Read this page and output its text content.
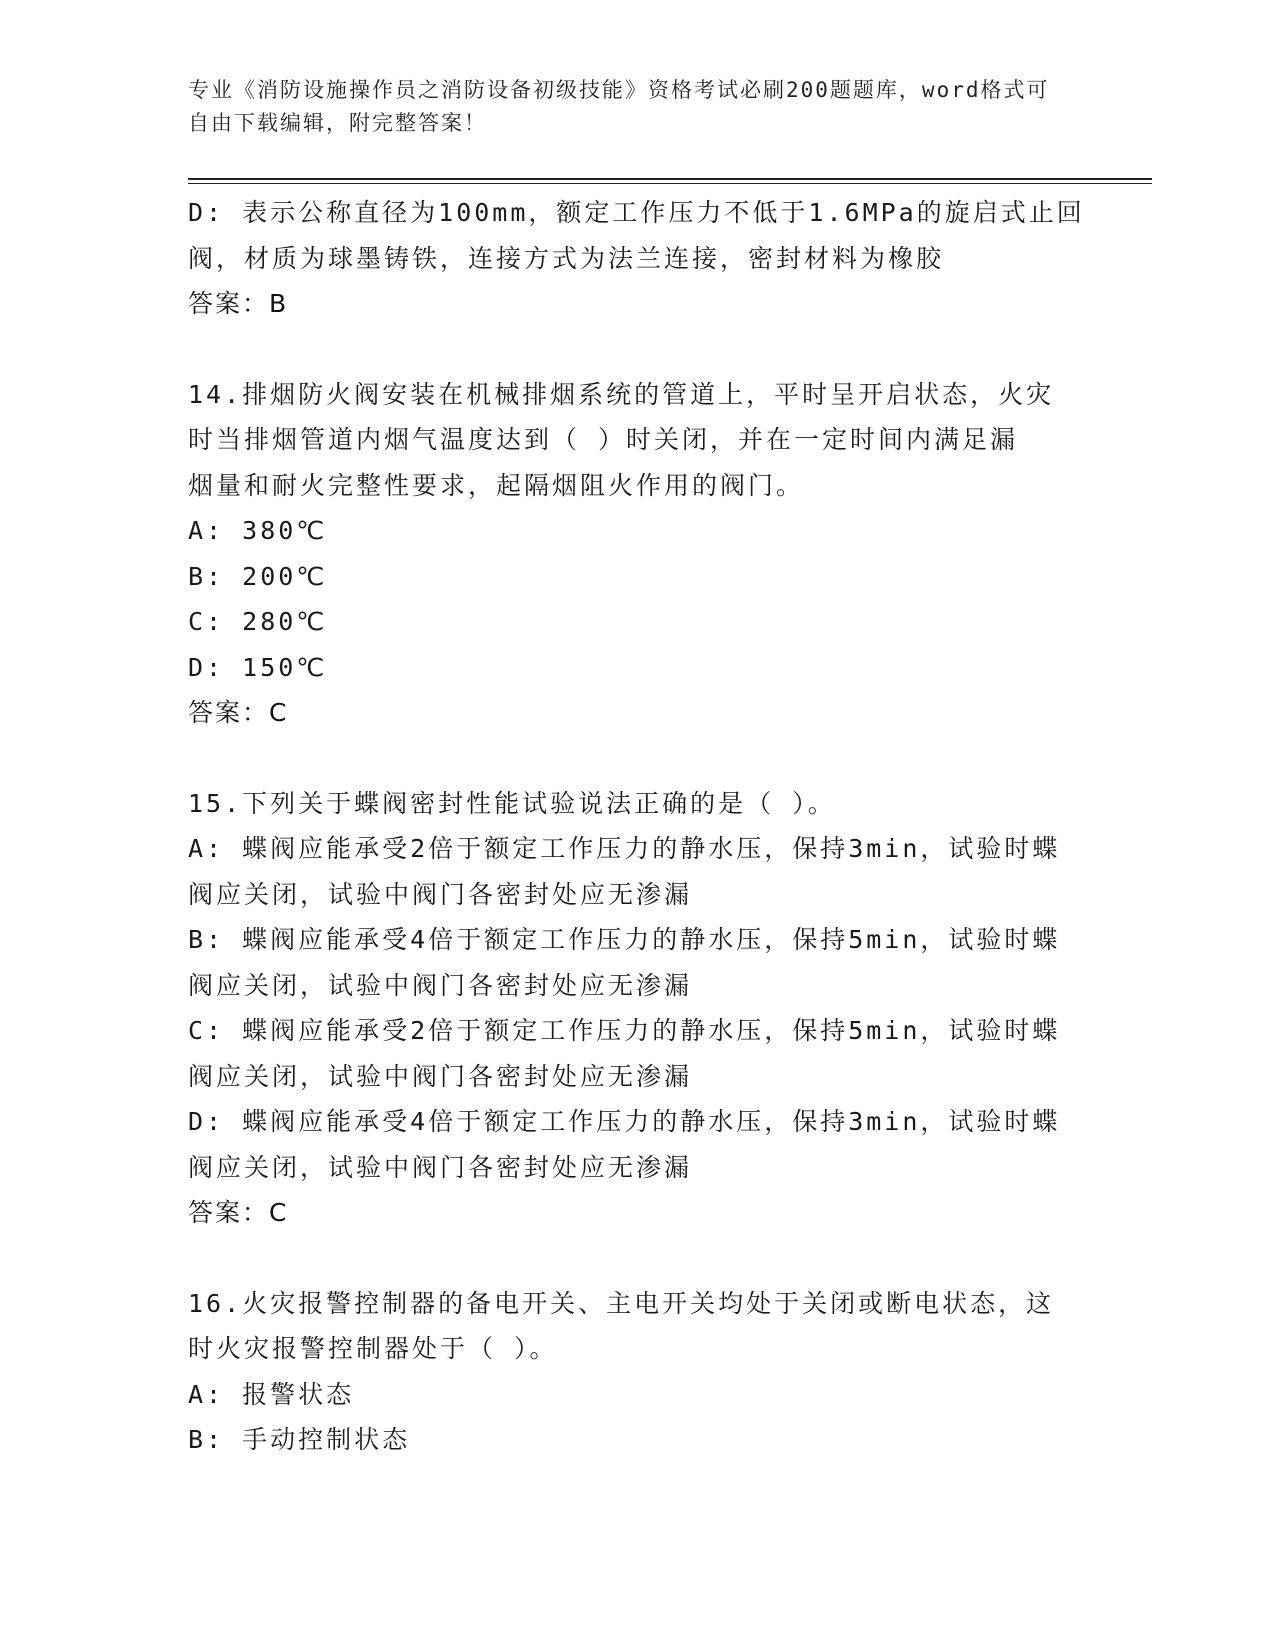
专业《消防设施操作员之消防设备初级技能》资格考试必刷200题题库，word格式可自由下载编辑，附完整答案！
D: 表示公称直径为100mm，额定工作压力不低于1.6MPa的旋启式止回
阀，材质为球墨铸铁，连接方式为法兰连接，密封材料为橡胶
答案：B
14.排烟防火阀安装在机械排烟系统的管道上，平时呈开启状态，火灾
时当排烟管道内烟气温度达到（ ）时关闭，并在一定时间内满足漏
烟量和耐火完整性要求，起隔烟阻火作用的阀门。
A: 380℃
B: 200℃
C: 280℃
D: 150℃
答案：C
15.下列关于蝶阀密封性能试验说法正确的是（ ）。
A: 蝶阀应能承受2倍于额定工作压力的静水压，保持3min，试验时蝶
阀应关闭，试验中阀门各密封处应无渗漏
B: 蝶阀应能承受4倍于额定工作压力的静水压，保持5min，试验时蝶
阀应关闭，试验中阀门各密封处应无渗漏
C: 蝶阀应能承受2倍于额定工作压力的静水压，保持5min，试验时蝶
阀应关闭，试验中阀门各密封处应无渗漏
D: 蝶阀应能承受4倍于额定工作压力的静水压，保持3min，试验时蝶
阀应关闭，试验中阀门各密封处应无渗漏
答案：C
16.火灾报警控制器的备电开关、主电开关均处于关闭或断电状态，这
时火灾报警控制器处于（ ）。
A: 报警状态
B: 手动控制状态
